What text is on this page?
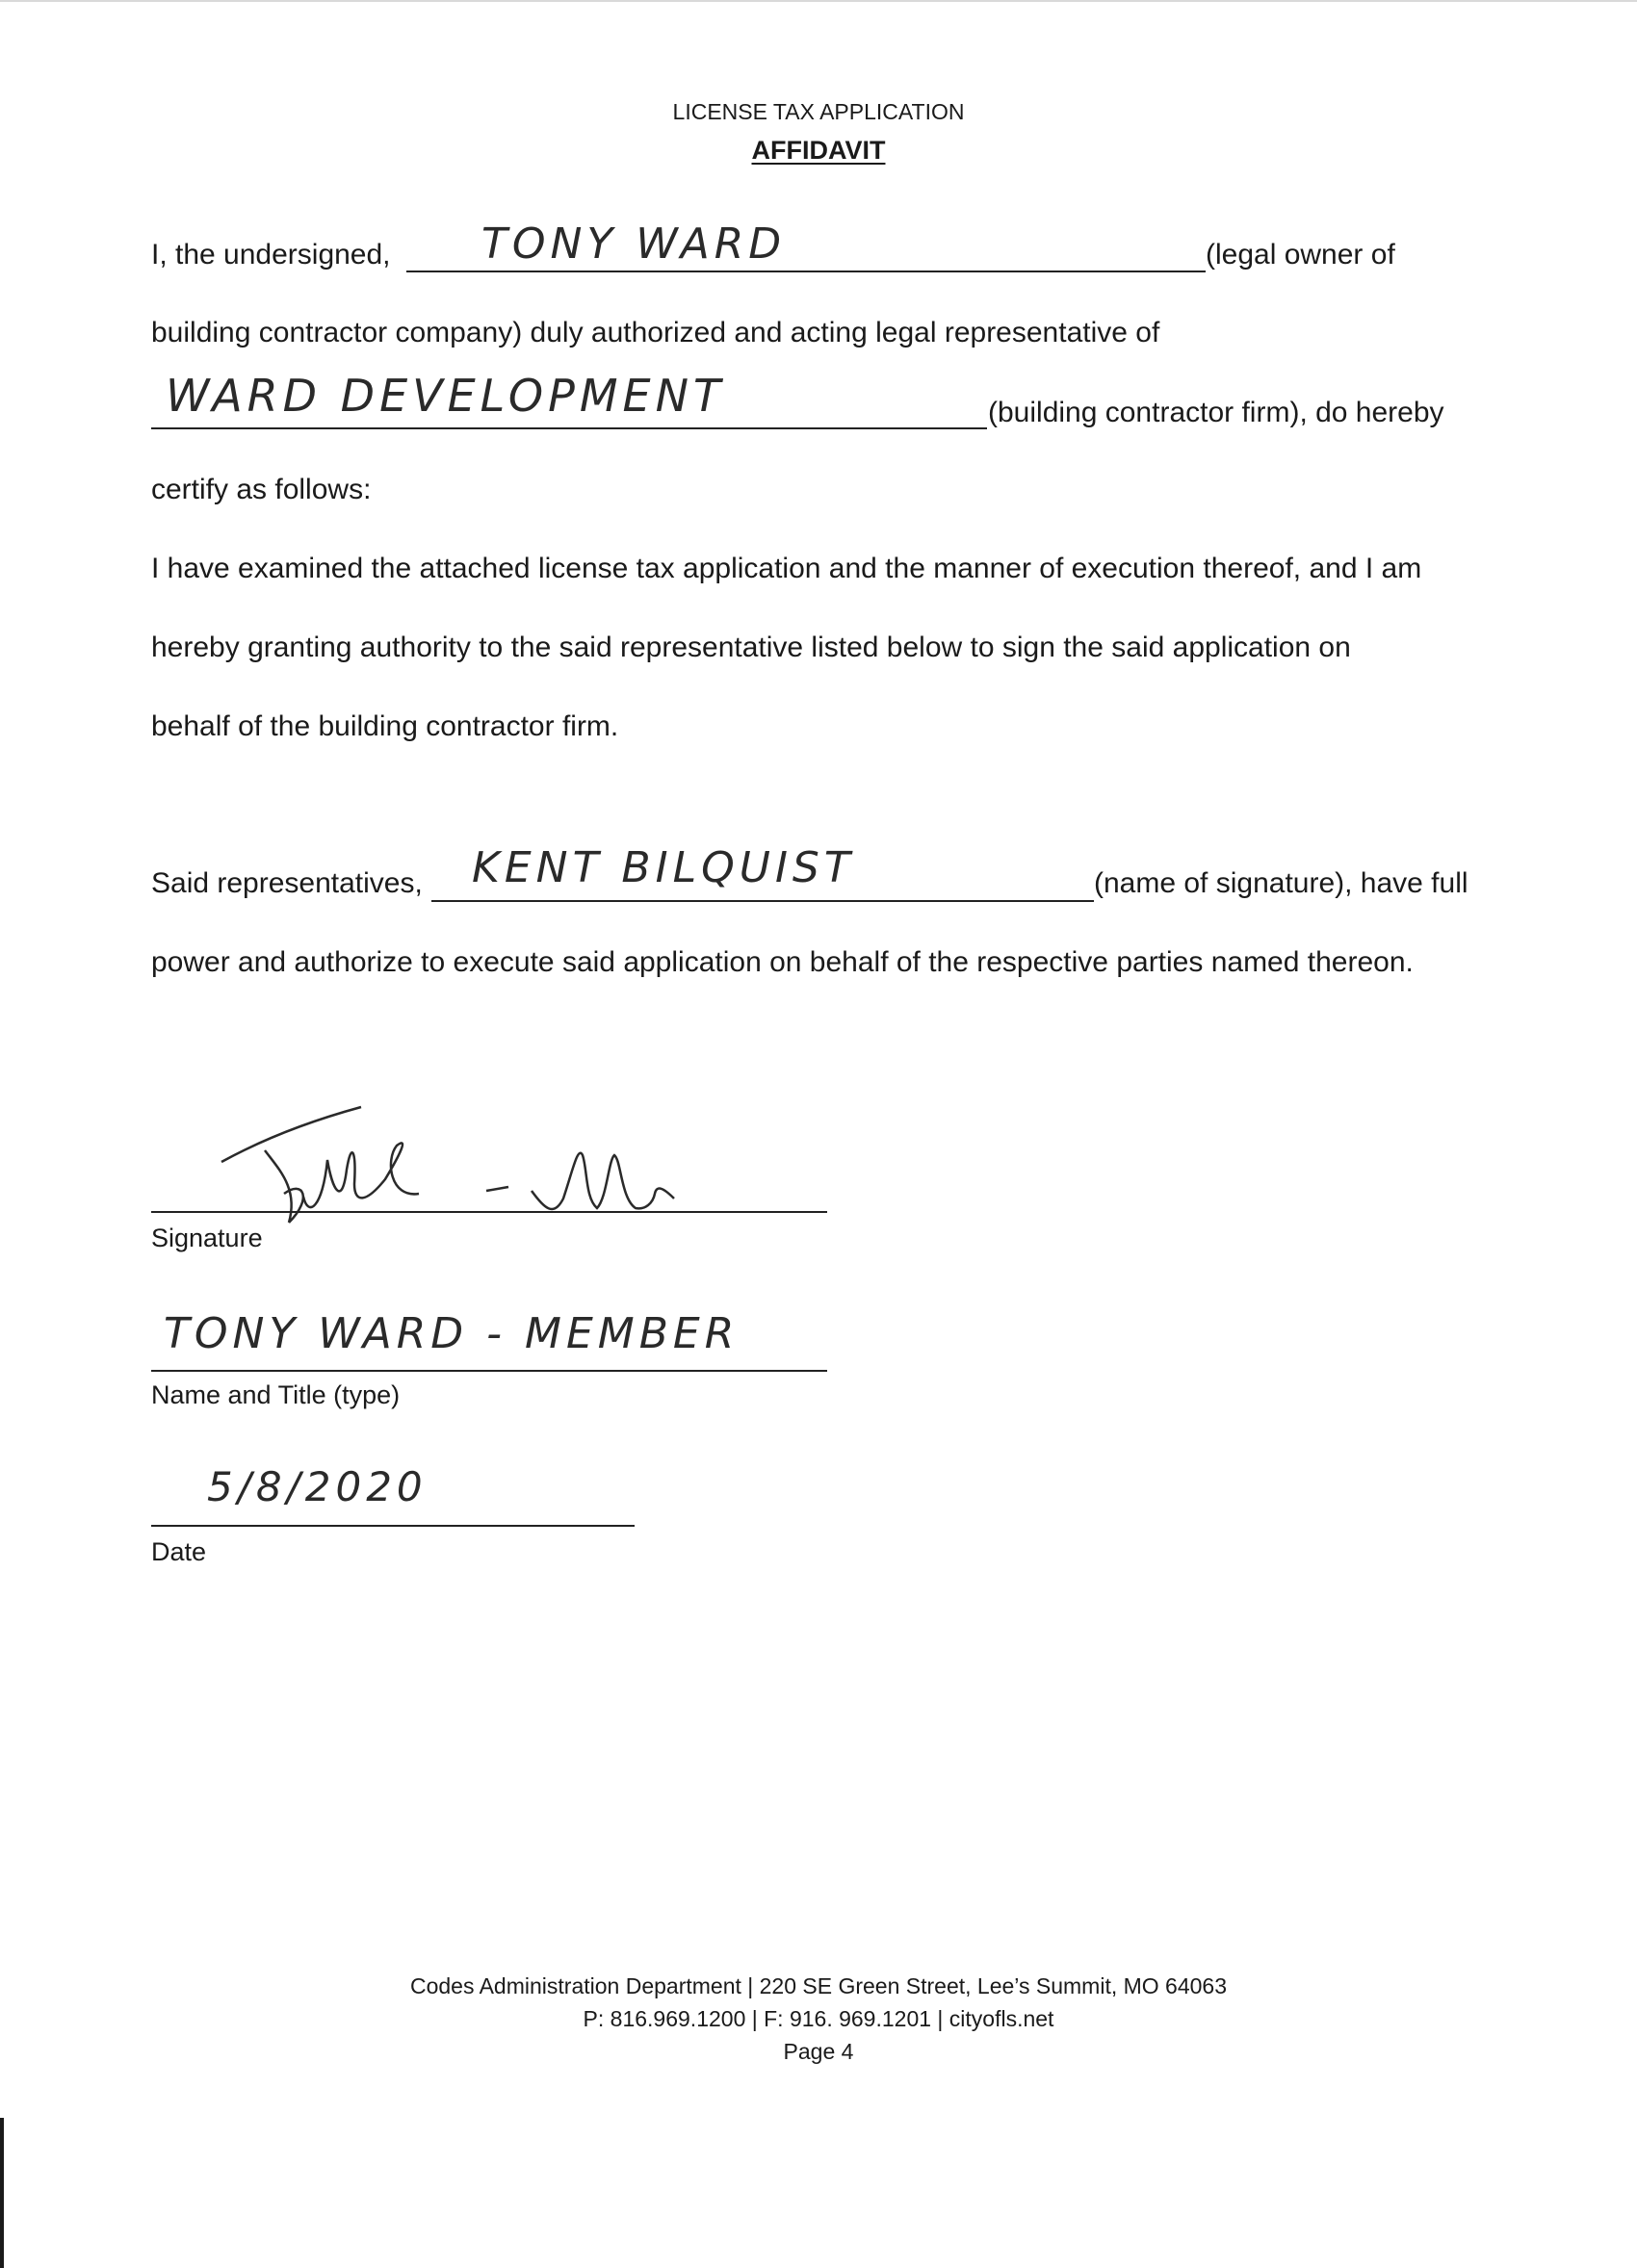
LICENSE TAX APPLICATION
AFFIDAVIT
I, the undersigned, TONY WARD	(legal owner of
building contractor company) duly authorized and acting legal representative of
WARD DEVELOPMENT	(building contractor firm), do hereby
certify as follows:
I have examined the attached license tax application and the manner of execution thereof, and I am
hereby granting authority to the said representative listed below to sign the said application on
behalf of the building contractor firm.
Said representatives, KENT BILQUIST	(name of signature), have full
power and authorize to execute said application on behalf of the respective parties named thereon.
Signature
TONY WARD - MEMBER
Name and Title (type)
5/8/2020
Date
Codes Administration Department | 220 SE Green Street, Lee’s Summit, MO 64063
P: 816.969.1200 | F: 916. 969.1201 | cityofls.net
Page 4
